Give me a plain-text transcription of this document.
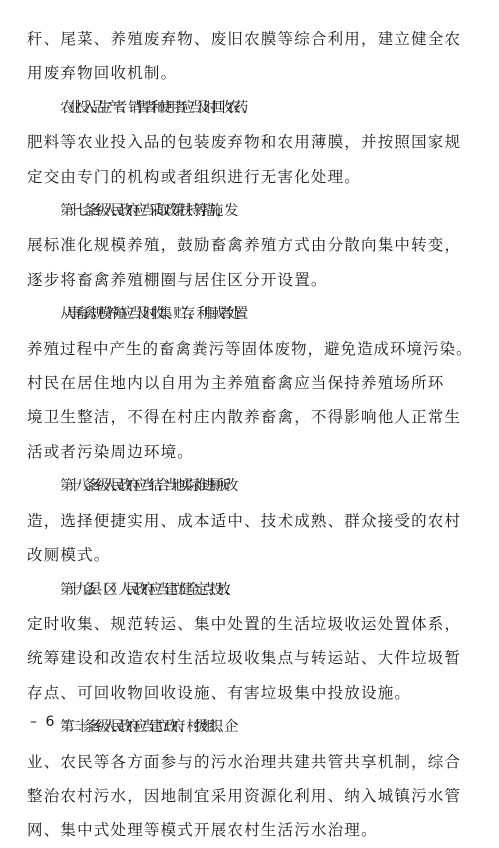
秆、尾菜、养殖废弃物、废旧农膜等综合利用，建立健全农
用废弃物回收机制。
农业投入品生产者、销售者和使用者应当及时回收农药、
肥料等农业投入品的包装废弃物和农用薄膜，并按照国家规
定交由专门的机构或者组织进行无害化处理。
第十七条 各级人民政府应当采取政策扶持等措施，发
展标准化规模养殖，鼓励畜禽养殖方式由分散向集中转变，
逐步将畜禽养殖棚圈与居住区分开设置。
从事畜禽规模养殖应当及时收集、贮存、利用或者处置
养殖过程中产生的畜禽粪污等固体废物，避免造成环境污染。
村民在居住地内以自用为主养殖畜禽应当保持养殖场所环
境卫生整洁，不得在村庄内散养畜禽，不得影响他人正常生
活或者污染周边环境。
第十八条 各级人民政府应当结合当地实际推进厕所改
造，选择便捷实用、成本适中、技术成熟、群众接受的农村
改厕模式。
第十九条 县（区）人民政府应当建立健全定点投放、
定时收集、规范转运、集中处置的生活垃圾收运处置体系，
统筹建设和改造农村生活垃圾收集点与转运站、大件垃圾暂
存点、可回收物回收设施、有害垃圾集中投放设施。
第二十条 各级人民政府应当建立政府、村级组织、企
业、农民等各方面参与的污水治理共建共管共享机制，综合
整治农村污水，因地制宜采用资源化利用、纳入城镇污水管
网、集中式处理等模式开展农村生活污水治理。
– 6 –
